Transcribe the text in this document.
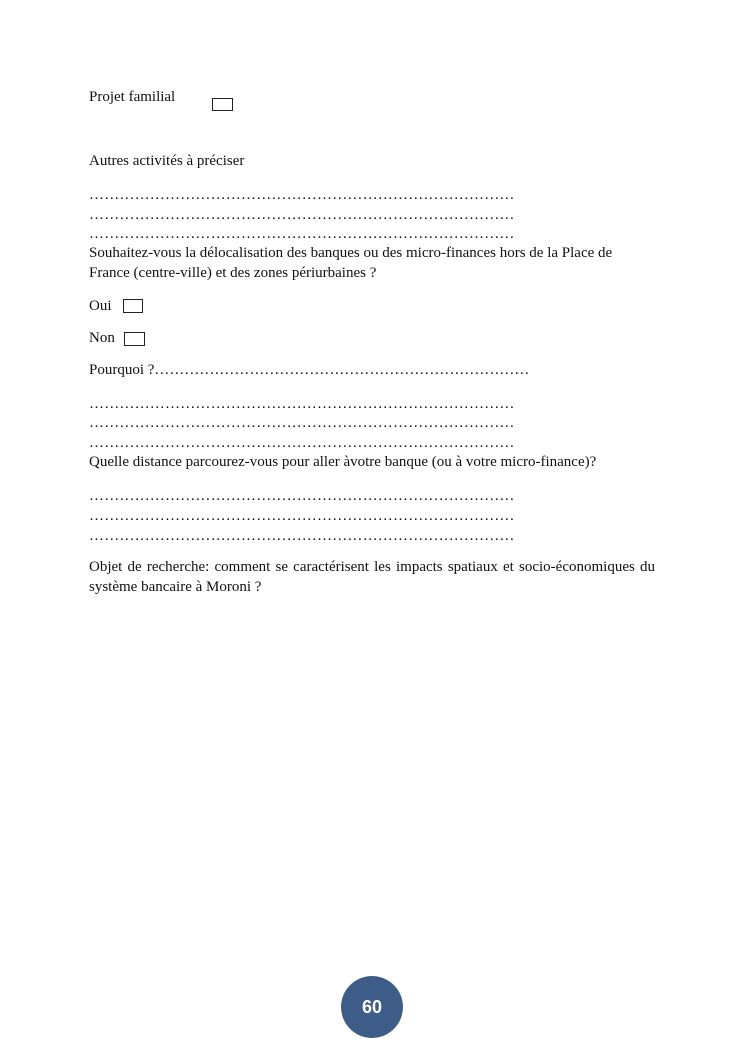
Projet familial
Autres activités à préciser
…………………………………………………………………………
…………………………………………………………………………
…………………………………………………………………………
Souhaitez-vous la délocalisation des banques ou des micro-finances hors de la Place de
France (centre-ville) et des zones périurbaines ?
Oui
Non
Pourquoi ?…………………………………………………………………
…………………………………………………………………………
…………………………………………………………………………
…………………………………………………………………………
Quelle distance parcourez-vous pour aller àvotre banque (ou à votre micro-finance)?
…………………………………………………………………………
…………………………………………………………………………
…………………………………………………………………………
Objet de recherche: comment se caractérisent les impacts spatiaux et socio-économiques du système bancaire à Moroni ?
60
